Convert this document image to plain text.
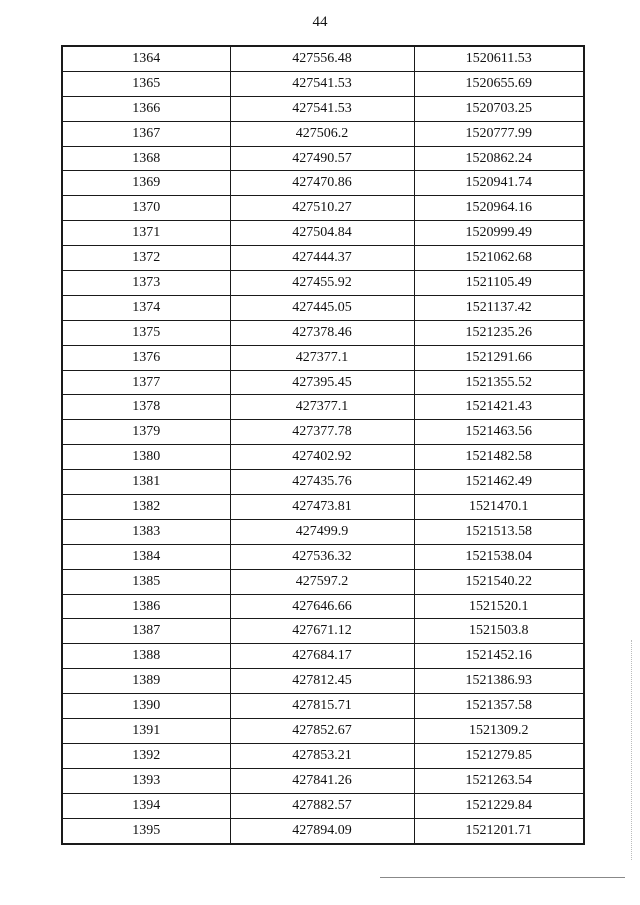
44
1364	427556.48	1520611.53
1365	427541.53	1520655.69
1366	427541.53	1520703.25
1367	427506.2	1520777.99
1368	427490.57	1520862.24
1369	427470.86	1520941.74
1370	427510.27	1520964.16
1371	427504.84	1520999.49
1372	427444.37	1521062.68
1373	427455.92	1521105.49
1374	427445.05	1521137.42
1375	427378.46	1521235.26
1376	427377.1	1521291.66
1377	427395.45	1521355.52
1378	427377.1	1521421.43
1379	427377.78	1521463.56
1380	427402.92	1521482.58
1381	427435.76	1521462.49
1382	427473.81	1521470.1
1383	427499.9	1521513.58
1384	427536.32	1521538.04
1385	427597.2	1521540.22
1386	427646.66	1521520.1
1387	427671.12	1521503.8
1388	427684.17	1521452.16
1389	427812.45	1521386.93
1390	427815.71	1521357.58
1391	427852.67	1521309.2
1392	427853.21	1521279.85
1393	427841.26	1521263.54
1394	427882.57	1521229.84
1395	427894.09	1521201.71
